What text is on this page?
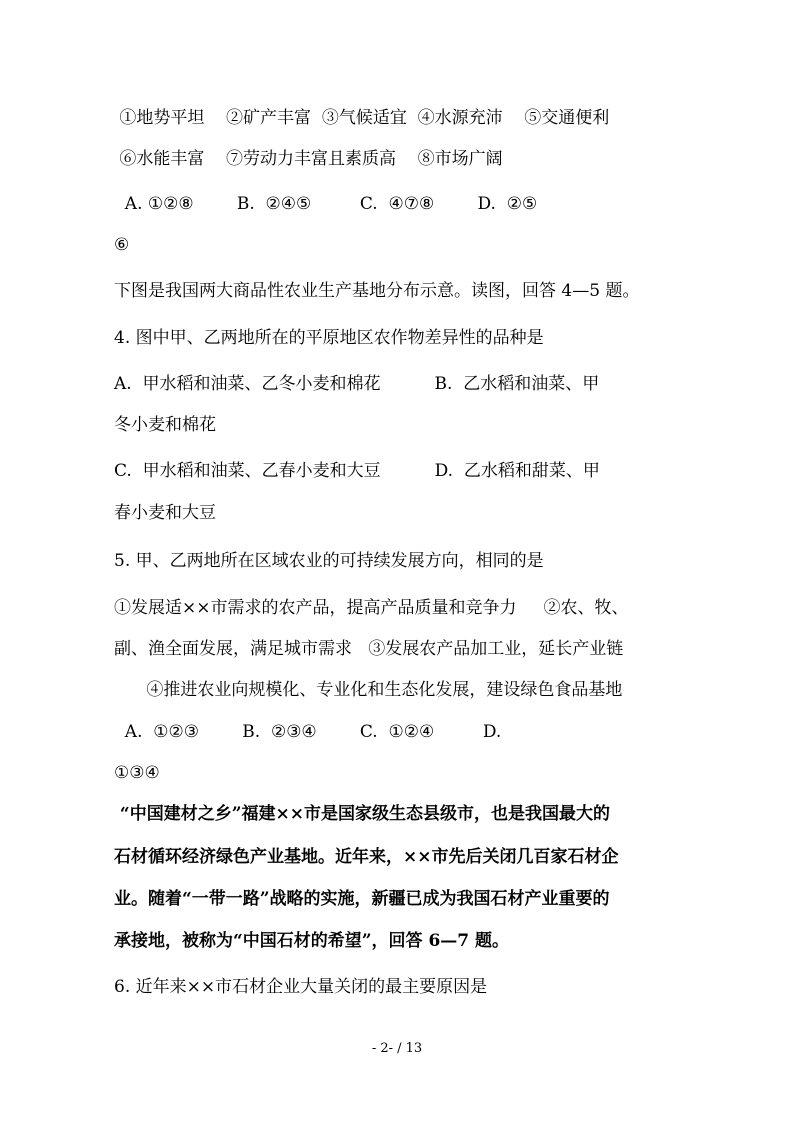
①地势平坦    ②矿产丰富  ③气候适宜  ④水源充沛    ⑤交通便利

⑥水能丰富    ⑦劳动力丰富且素质高    ⑧市场广阔

A. ①②⑧        B.  ②④⑤         C.  ④⑦⑧        D.  ②⑤

⑥

下图是我国两大商品性农业生产基地分布示意。读图，回答 4—5 题。

4. 图中甲、乙两地所在的平原地区农作物差异性的品种是

A.  甲水稻和油菜、乙冬小麦和棉花          B.  乙水稻和油菜、甲

冬小麦和棉花

C.  甲水稻和油菜、乙春小麦和大豆          D.  乙水稻和甜菜、甲

春小麦和大豆

5. 甲、乙两地所在区域农业的可持续发展方向，相同的是

①发展适××市需求的农产品，提高产品质量和竞争力     ②农、牧、

副、渔全面发展，满足城市需求   ③发展农产品加工业，延长产业链

④推进农业向规模化、专业化和生态化发展，建设绿色食品基地

A.  ①②③        B.  ②③④        C.  ①②④         D.

①③④

“中国建材之乡”福建××市是国家级生态县级市，也是我国最大的

石材循环经济绿色产业基地。近年来，××市先后关闭几百家石材企

业。随着“一带一路”战略的实施，新疆已成为我国石材产业重要的

承接地，被称为“中国石材的希望”，回答 6—7 题。

6. 近年来××市石材企业大量关闭的最主要原因是

- 2- / 13
